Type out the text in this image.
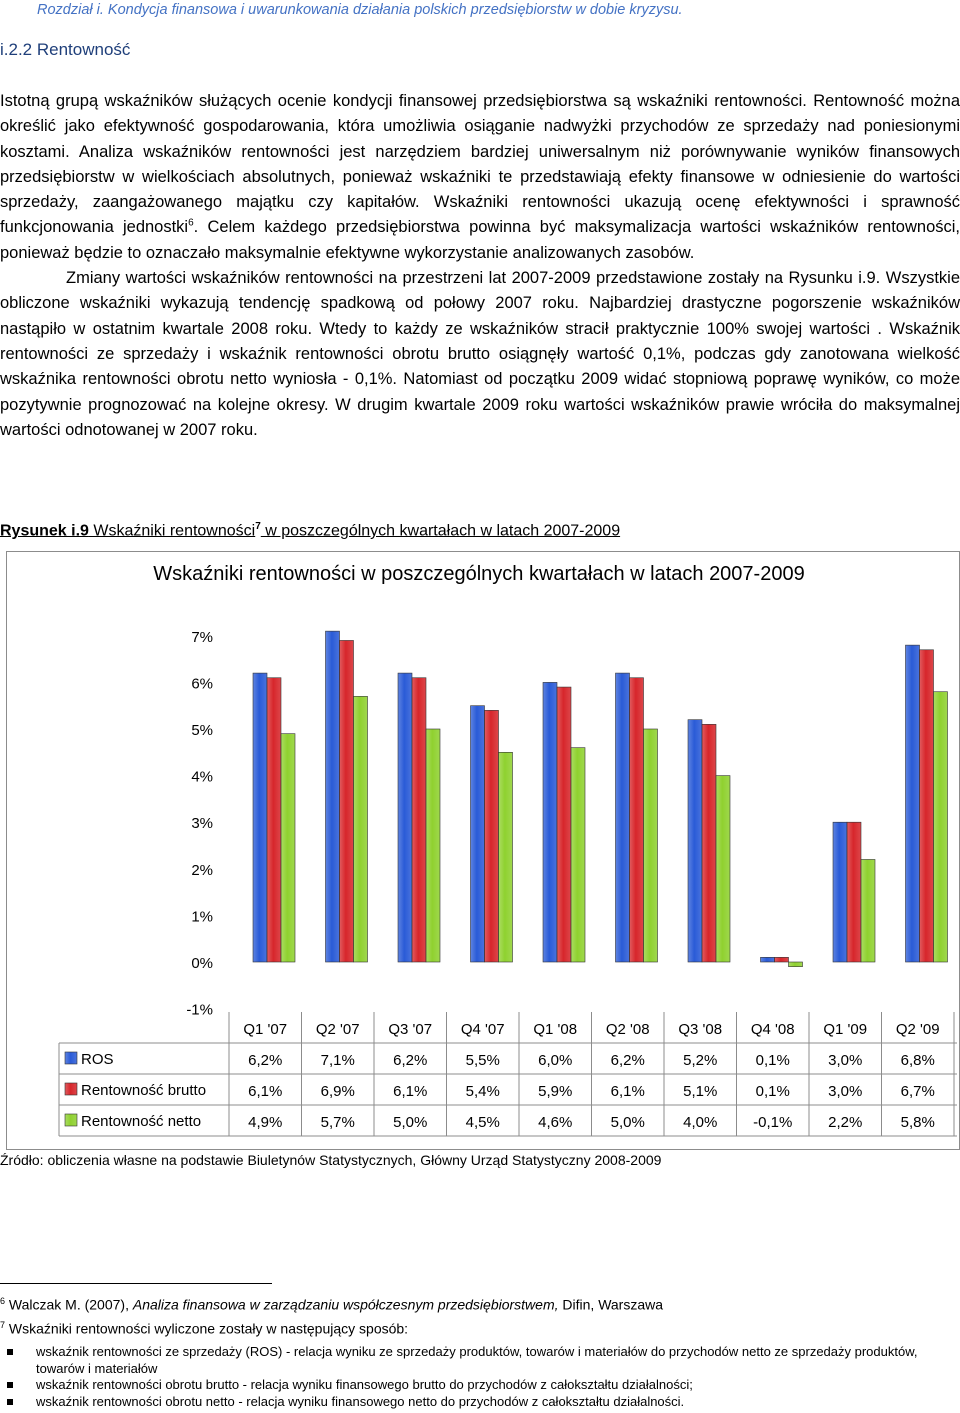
Rozdział i. Kondycja finansowa i uwarunkowania działania polskich przedsiębiorstw w dobie kryzysu.
i.2.2 Rentowność

Istotną grupą wskaźników służących ocenie kondycji finansowej przedsiębiorstwa są wskaźniki rentowności. Rentowność można określić jako efektywność gospodarowania, która umożliwia osiąganie nadwyżki przychodów ze sprzedaży nad poniesionymi kosztami. Analiza wskaźników rentowności jest narzędziem bardziej uniwersalnym niż porównywanie wyników finansowych przedsiębiorstw w wielkościach absolutnych, ponieważ wskaźniki te przedstawiają efekty finansowe w odniesienie do wartości sprzedaży, zaangażowanego majątku czy kapitałów. Wskaźniki rentowności ukazują ocenę efektywności i sprawność funkcjonowania jednostki$^6$. Celem każdego przedsiębiorstwa powinna być maksymalizacja wartości wskaźników rentowności, ponieważ będzie to oznaczało maksymalnie efektywne wykorzystanie analizowanych zasobów.

Zmiany wartości wskaźników rentowności na przestrzeni lat 2007-2009 przedstawione zostały na Rysunku i.9. Wszystkie obliczone wskaźniki wykazują tendencję spadkową od połowy 2007 roku. Najbardziej drastyczne pogorszenie wskaźników nastąpiło w ostatnim kwartale 2008 roku. Wtedy to każdy ze wskaźników stracił praktycznie 100% swojej wartości . Wskaźnik rentowności ze sprzedaży i wskaźnik rentowności obrotu brutto osiągnęły wartość 0,1%, podczas gdy zanotowana wielkość wskaźnika rentowności obrotu netto wyniosła - 0,1%. Natomiast od początku 2009 widać stopniową poprawę wyników, co może pozytywnie prognozować na kolejne okresy. W drugim kwartale 2009 roku wartości wskaźników prawie wróciła do maksymalnej wartości odnotowanej w 2007 roku.

Rysunek i.9 Wskaźniki rentowności$^7$ w poszczególnych kwartałach w latach 2007-2009
Wskaźniki rentowności w poszczególnych kwartałach w latach 2007-2009
7%
6%
5%
4%
3%
2%
1%
0%
-1%
Q1 '07 Q2 '07 Q3 '07 Q4 '07 Q1 '08 Q2 '08 Q3 '08 Q4 '08 Q1 '09 Q2 '09
ROS	6,2%	7,1%	6,2%	5,5%	6,0%	6,2%	5,2%	0,1%	3,0%	6,8%
Rentowność brutto	6,1%	6,9%	6,1%	5,4%	5,9%	6,1%	5,1%	0,1%	3,0%	6,7%
Rentowność netto	4,9%	5,7%	5,0%	4,5%	4,6%	5,0%	4,0% -0,1% 2,2%	5,8%
Źródło: obliczenia własne na podstawie Biuletynów Statystycznych, Główny Urząd Statystyczny 2008-2009
$^6$ Walczak M. (2007), Analiza finansowa w zarządzaniu współczesnym przedsiębiorstwem, Difin, Warszawa
$^7$ Wskaźniki rentowności wyliczone zostały w następujący sposób:
wskaźnik rentowności ze sprzedaży (ROS) - relacja wyniku ze sprzedaży produktów, towarów i materiałów do przychodów netto ze sprzedaży produktów, towarów i materiałów
wskaźnik rentowności obrotu brutto - relacja wyniku finansowego brutto do przychodów z całokształtu działalności;
wskaźnik rentowności obrotu netto - relacja wyniku finansowego netto do przychodów z całokształtu działalności.
